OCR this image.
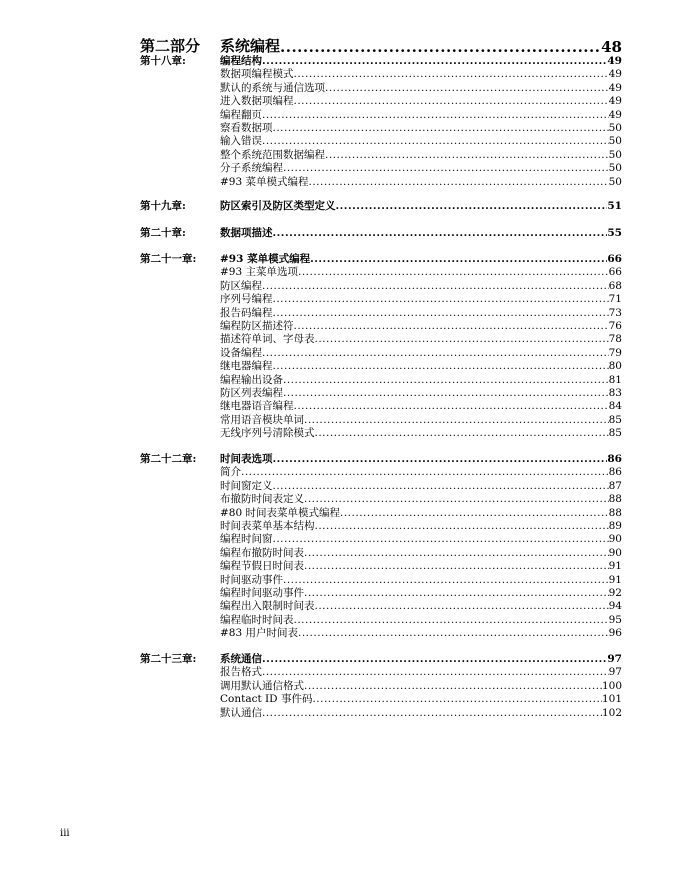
第二部分	系统编程 .....	48
第十八章:	编程结构 .....	49
数据项编程模式 .....	49
默认的系统与通信选项 .....	49
进入数据项编程 .....	49
编程翻页 .....	49
察看数据项 .....	50
输入错误 .....	50
整个系统范围数据编程 .....	50
分子系统编程 .....	50
#93 菜单模式编程 .....	50
第十九章:	防区索引及防区类型定义 .....	51
第二十章:	数据项描述 .....	55
第二十一章:	#93 菜单模式编程 .....	66
#93 主菜单选项 .....	66
防区编程 .....	68
序列号编程 .....	71
报告码编程 .....	73
编程防区描述符 .....	76
描述符单词、字母表 .....	78
设备编程 .....	79
继电器编程 .....	80
编程输出设备 .....	81
防区列表编程 .....	83
继电器语音编程 .....	84
常用语音模块单词 .....	85
无线序列号清除模式 .....	85
第二十二章:	时间表选项 .....	86
简介 .....	86
时间窗定义 .....	87
布撤防时间表定义 .....	88
#80 时间表菜单模式编程 .....	88
时间表菜单基本结构 .....	89
编程时间窗 .....	90
编程布撤防时间表 .....	90
编程节假日时间表 .....	91
时间驱动事件 .....	91
编程时间驱动事件 .....	92
编程出入限制时间表 .....	94
编程临时时间表 .....	95
#83 用户时间表 .....	96
第二十三章:	系统通信 .....	97
报告格式 .....	97
调用默认通信格式 .....	100
Contact ID 事件码 .....	101
默认通信 .....	102
iii
